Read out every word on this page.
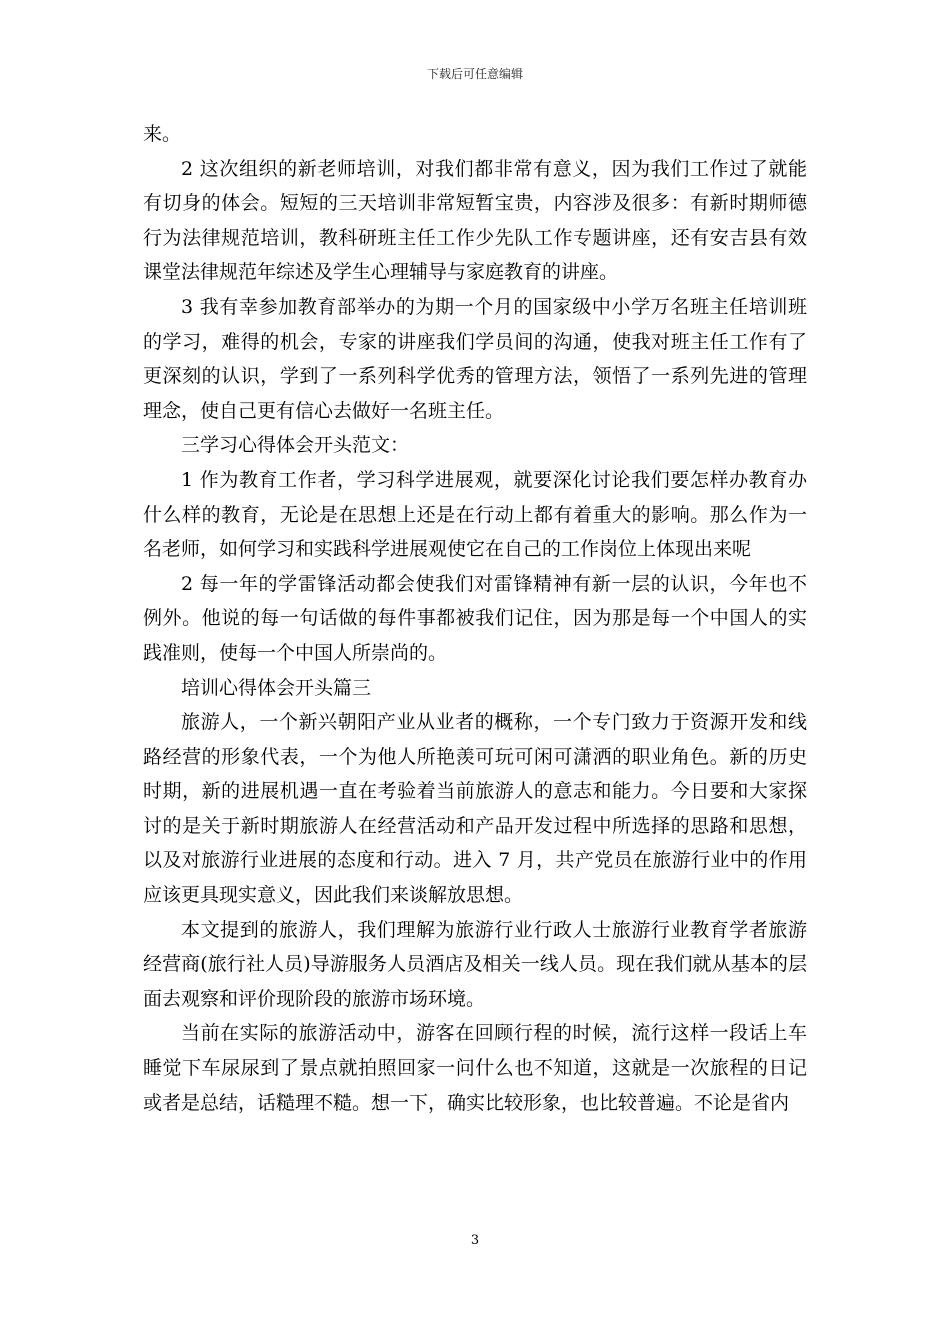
下载后可任意编辑

来。

2 这次组织的新老师培训，对我们都非常有意义，因为我们工作过了就能有切身的体会。短短的三天培训非常短暂宝贵，内容涉及很多：有新时期师德行为法律规范培训，教科研班主任工作少先队工作专题讲座，还有安吉县有效课堂法律规范年综述及学生心理辅导与家庭教育的讲座。

3 我有幸参加教育部举办的为期一个月的国家级中小学万名班主任培训班的学习，难得的机会，专家的讲座我们学员间的沟通，使我对班主任工作有了更深刻的认识，学到了一系列科学优秀的管理方法，领悟了一系列先进的管理理念，使自己更有信心去做好一名班主任。

三学习心得体会开头范文：

1 作为教育工作者，学习科学进展观，就要深化讨论我们要怎样办教育办什么样的教育，无论是在思想上还是在行动上都有着重大的影响。那么作为一名老师，如何学习和实践科学进展观使它在自己的工作岗位上体现出来呢

2 每一年的学雷锋活动都会使我们对雷锋精神有新一层的认识，今年也不例外。他说的每一句话做的每件事都被我们记住，因为那是每一个中国人的实践准则，使每一个中国人所崇尚的。

培训心得体会开头篇三

旅游人，一个新兴朝阳产业从业者的概称，一个专门致力于资源开发和线路经营的形象代表，一个为他人所艳羡可玩可闲可潇洒的职业角色。新的历史时期，新的进展机遇一直在考验着当前旅游人的意志和能力。今日要和大家探讨的是关于新时期旅游人在经营活动和产品开发过程中所选择的思路和思想，以及对旅游行业进展的态度和行动。进入 7 月，共产党员在旅游行业中的作用应该更具现实意义，因此我们来谈解放思想。

本文提到的旅游人，我们理解为旅游行业行政人士旅游行业教育学者旅游经营商(旅行社人员)导游服务人员酒店及相关一线人员。现在我们就从基本的层面去观察和评价现阶段的旅游市场环境。

当前在实际的旅游活动中，游客在回顾行程的时候，流行这样一段话上车睡觉下车尿尿到了景点就拍照回家一问什么也不知道，这就是一次旅程的日记或者是总结，话糙理不糙。想一下，确实比较形象，也比较普遍。不论是省内

3
